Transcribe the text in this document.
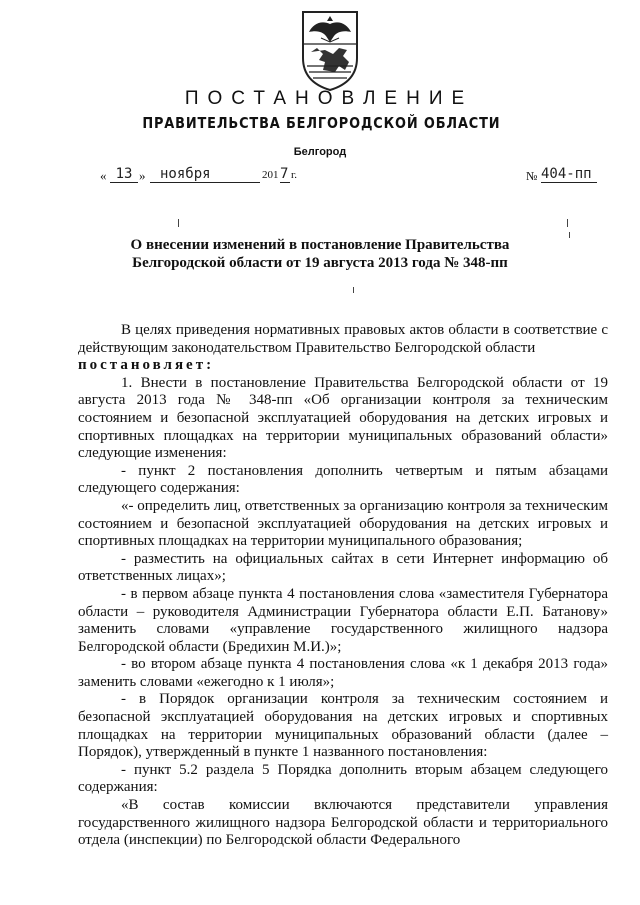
ПОСТАНОВЛЕНИЕ
ПРАВИТЕЛЬСТВА БЕЛГОРОДСКОЙ ОБЛАСТИ
Белгород
« 13 »	ноября	201 7 г.	№ 404-пп
О внесении изменений в постановление Правительства
Белгородской области от 19 августа 2013 года № 348-пп

В целях приведения нормативных правовых актов области в соответствие с действующим законодательством Правительство Белгородской области
постановляет:

1. Внести в постановление Правительства Белгородской области от 19 августа 2013 года № 348-пп «Об организации контроля за техническим состоянием и безопасной эксплуатацией оборудования на детских игровых и спортивных площадках на территории муниципальных образований области» следующие изменения:

- пункт 2 постановления дополнить четвертым и пятым абзацами следующего содержания:

«- определить лиц, ответственных за организацию контроля за техническим состоянием и безопасной эксплуатацией оборудования на детских игровых и спортивных площадках на территории муниципального образования;

- разместить на официальных сайтах в сети Интернет информацию об ответственных лицах»;

- в первом абзаце пункта 4 постановления слова «заместителя Губернатора области – руководителя Администрации Губернатора области Е.П. Батанову» заменить словами «управление государственного жилищного надзора Белгородской области (Бредихин М.И.)»;

- во втором абзаце пункта 4 постановления слова «к 1 декабря 2013 года» заменить словами «ежегодно к 1 июля»;

- в Порядок организации контроля за техническим состоянием и безопасной эксплуатацией оборудования на детских игровых и спортивных площадках на территории муниципальных образований области (далее – Порядок), утвержденный в пункте 1 названного постановления:

- пункт 5.2 раздела 5 Порядка дополнить вторым абзацем следующего содержания:

«В состав комиссии включаются представители управления государственного жилищного надзора Белгородской области и территориального отдела (инспекции) по Белгородской области Федерального
